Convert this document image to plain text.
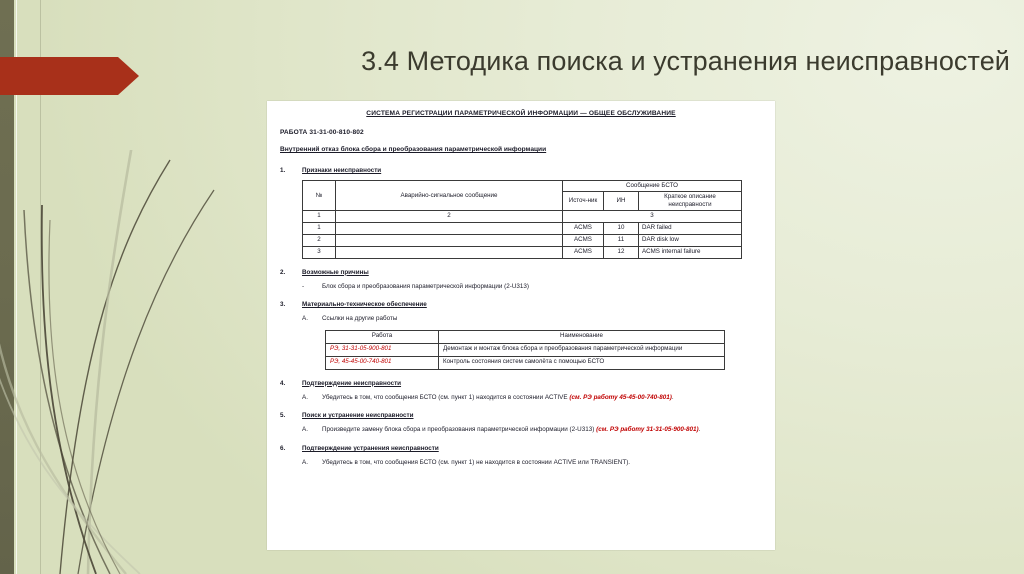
3.4 Методика поиска и устранения неисправностей
СИСТЕМА РЕГИСТРАЦИИ ПАРАМЕТРИЧЕСКОЙ ИНФОРМАЦИИ — ОБЩЕЕ ОБСЛУЖИВАНИЕ
РАБОТА 31-31-00-810-802
Внутренний отказ блока сбора и преобразования параметрической информации
1.	Признаки неисправности
№	Аварийно-сигнальное сообщение	Сообщение БСТО		
		Источ-ник	ИН	Краткое описание неисправности
1	2	3		
1		ACMS	10	DAR failed
2		ACMS	11	DAR disk low
3		ACMS	12	ACMS internal failure
2.	Возможные причины
-	Блок сбора и преобразования параметрической информации (2-U313)
3.	Материально-техническое обеспечение
A.	Ссылки на другие работы
Работа	Наименование
РЭ, 31-31-05-900-801	Демонтаж и монтаж блока сбора и преобразования параметрической информации
РЭ, 45-45-00-740-801	Контроль состояния систем самолёта с помощью БСТО
4.	Подтверждение неисправности
A.	Убедитесь в том, что сообщения БСТО (см. пункт 1) находится в состоянии ACTIVE (см. РЭ работу 45-45-00-740-801).
5.	Поиск и устранение неисправности
A.	Произведите замену блока сбора и преобразования параметрической информации (2-U313) (см. РЭ работу 31-31-05-900-801).
6.	Подтверждение устранения неисправности
A.	Убедитесь в том, что сообщения БСТО (см. пункт 1) не находится в состоянии ACTIVE или TRANSIENT).
